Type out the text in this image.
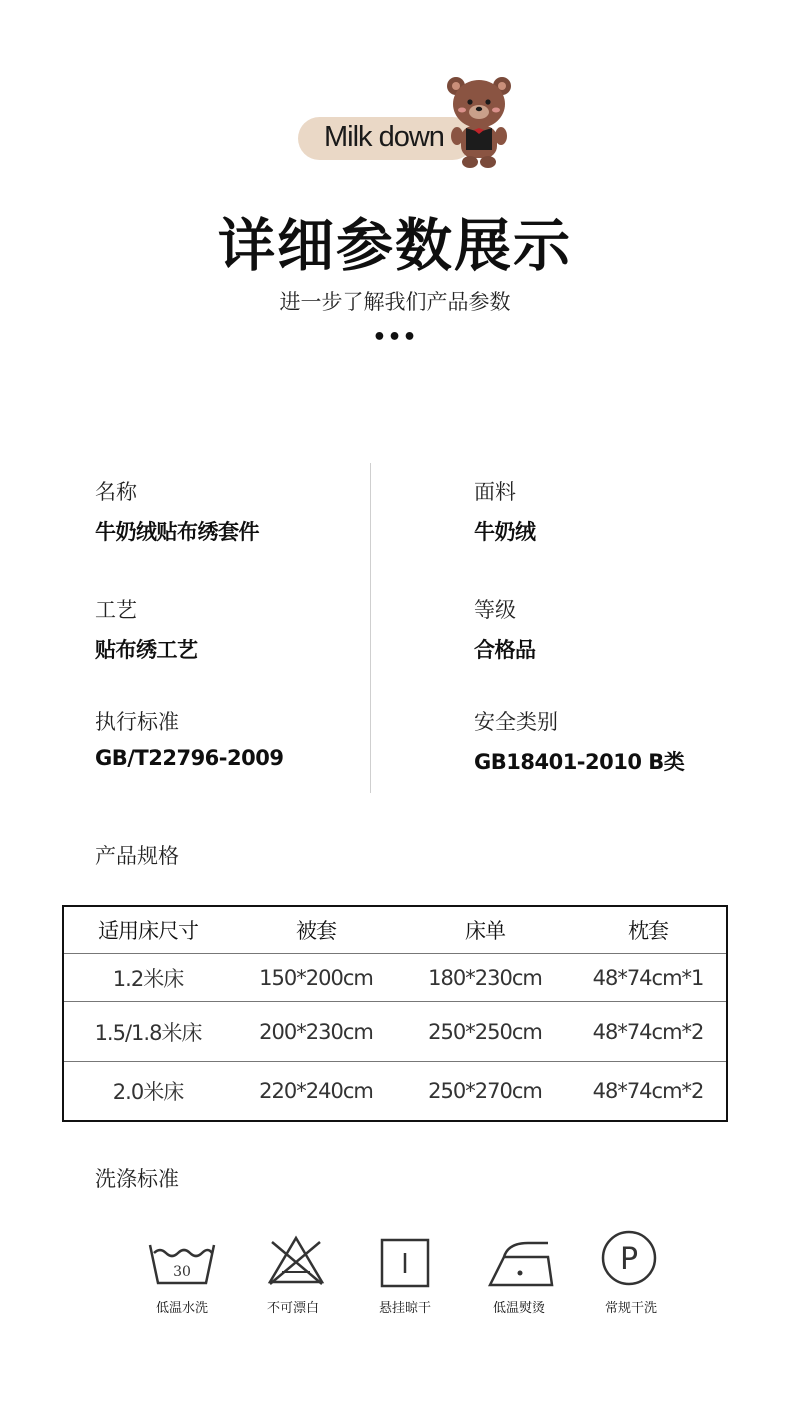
Milk down
详细参数展示
进一步了解我们产品参数
•••
名称
牛奶绒贴布绣套件
面料
牛奶绒
工艺
贴布绣工艺
等级
合格品
执行标准
GB/T22796-2009
安全类别
GB18401-2010 B类
产品规格
适用床尺寸	被套	床单	枕套
1.2米床	150*200cm	180*230cm	48*74cm*1
1.5/1.8米床	200*230cm	250*250cm	48*74cm*2
2.0米床	220*240cm	250*270cm	48*74cm*2
洗涤标准
30
低温水洗	不可漂白	悬挂晾干	低温熨烫
P
常规干洗
